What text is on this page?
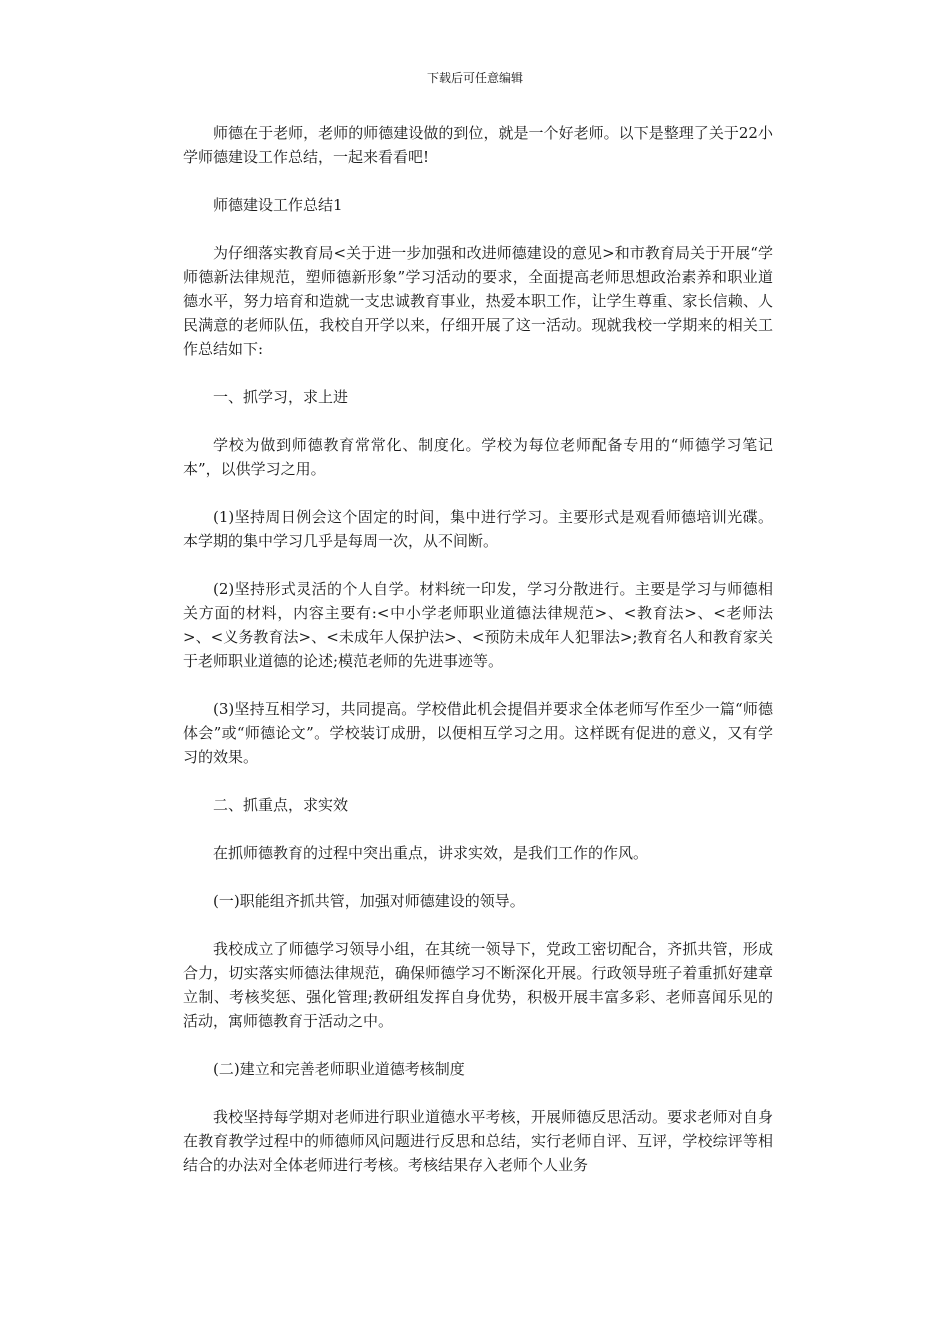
下载后可任意编辑

师德在于老师，老师的师德建设做的到位，就是一个好老师。以下是整理了关于22小学师德建设工作总结，一起来看看吧!

师德建设工作总结1

为仔细落实教育局<关于进一步加强和改进师德建设的意见>和市教育局关于开展“学师德新法律规范，塑师德新形象”学习活动的要求，全面提高老师思想政治素养和职业道德水平，努力培育和造就一支忠诚教育事业，热爱本职工作，让学生尊重、家长信赖、人民满意的老师队伍，我校自开学以来，仔细开展了这一活动。现就我校一学期来的相关工作总结如下:

一、抓学习，求上进

学校为做到师德教育常常化、制度化。学校为每位老师配备专用的“师德学习笔记本”，以供学习之用。

(1)坚持周日例会这个固定的时间，集中进行学习。主要形式是观看师德培训光碟。本学期的集中学习几乎是每周一次，从不间断。

(2)坚持形式灵活的个人自学。材料统一印发，学习分散进行。主要是学习与师德相关方面的材料，内容主要有:<中小学老师职业道德法律规范>、<教育法>、<老师法>、<义务教育法>、<未成年人保护法>、<预防未成年人犯罪法>;教育名人和教育家关于老师职业道德的论述;模范老师的先进事迹等。

(3)坚持互相学习，共同提高。学校借此机会提倡并要求全体老师写作至少一篇“师德体会”或“师德论文”。学校装订成册，以便相互学习之用。这样既有促进的意义，又有学习的效果。

二、抓重点，求实效

在抓师德教育的过程中突出重点，讲求实效，是我们工作的作风。

(一)职能组齐抓共管，加强对师德建设的领导。

我校成立了师德学习领导小组，在其统一领导下，党政工密切配合，齐抓共管，形成合力，切实落实师德法律规范，确保师德学习不断深化开展。行政领导班子着重抓好建章立制、考核奖惩、强化管理;教研组发挥自身优势，积极开展丰富多彩、老师喜闻乐见的活动，寓师德教育于活动之中。

(二)建立和完善老师职业道德考核制度

我校坚持每学期对老师进行职业道德水平考核，开展师德反思活动。要求老师对自身在教育教学过程中的师德师风问题进行反思和总结，实行老师自评、互评，学校综评等相结合的办法对全体老师进行考核。考核结果存入老师个人业务
